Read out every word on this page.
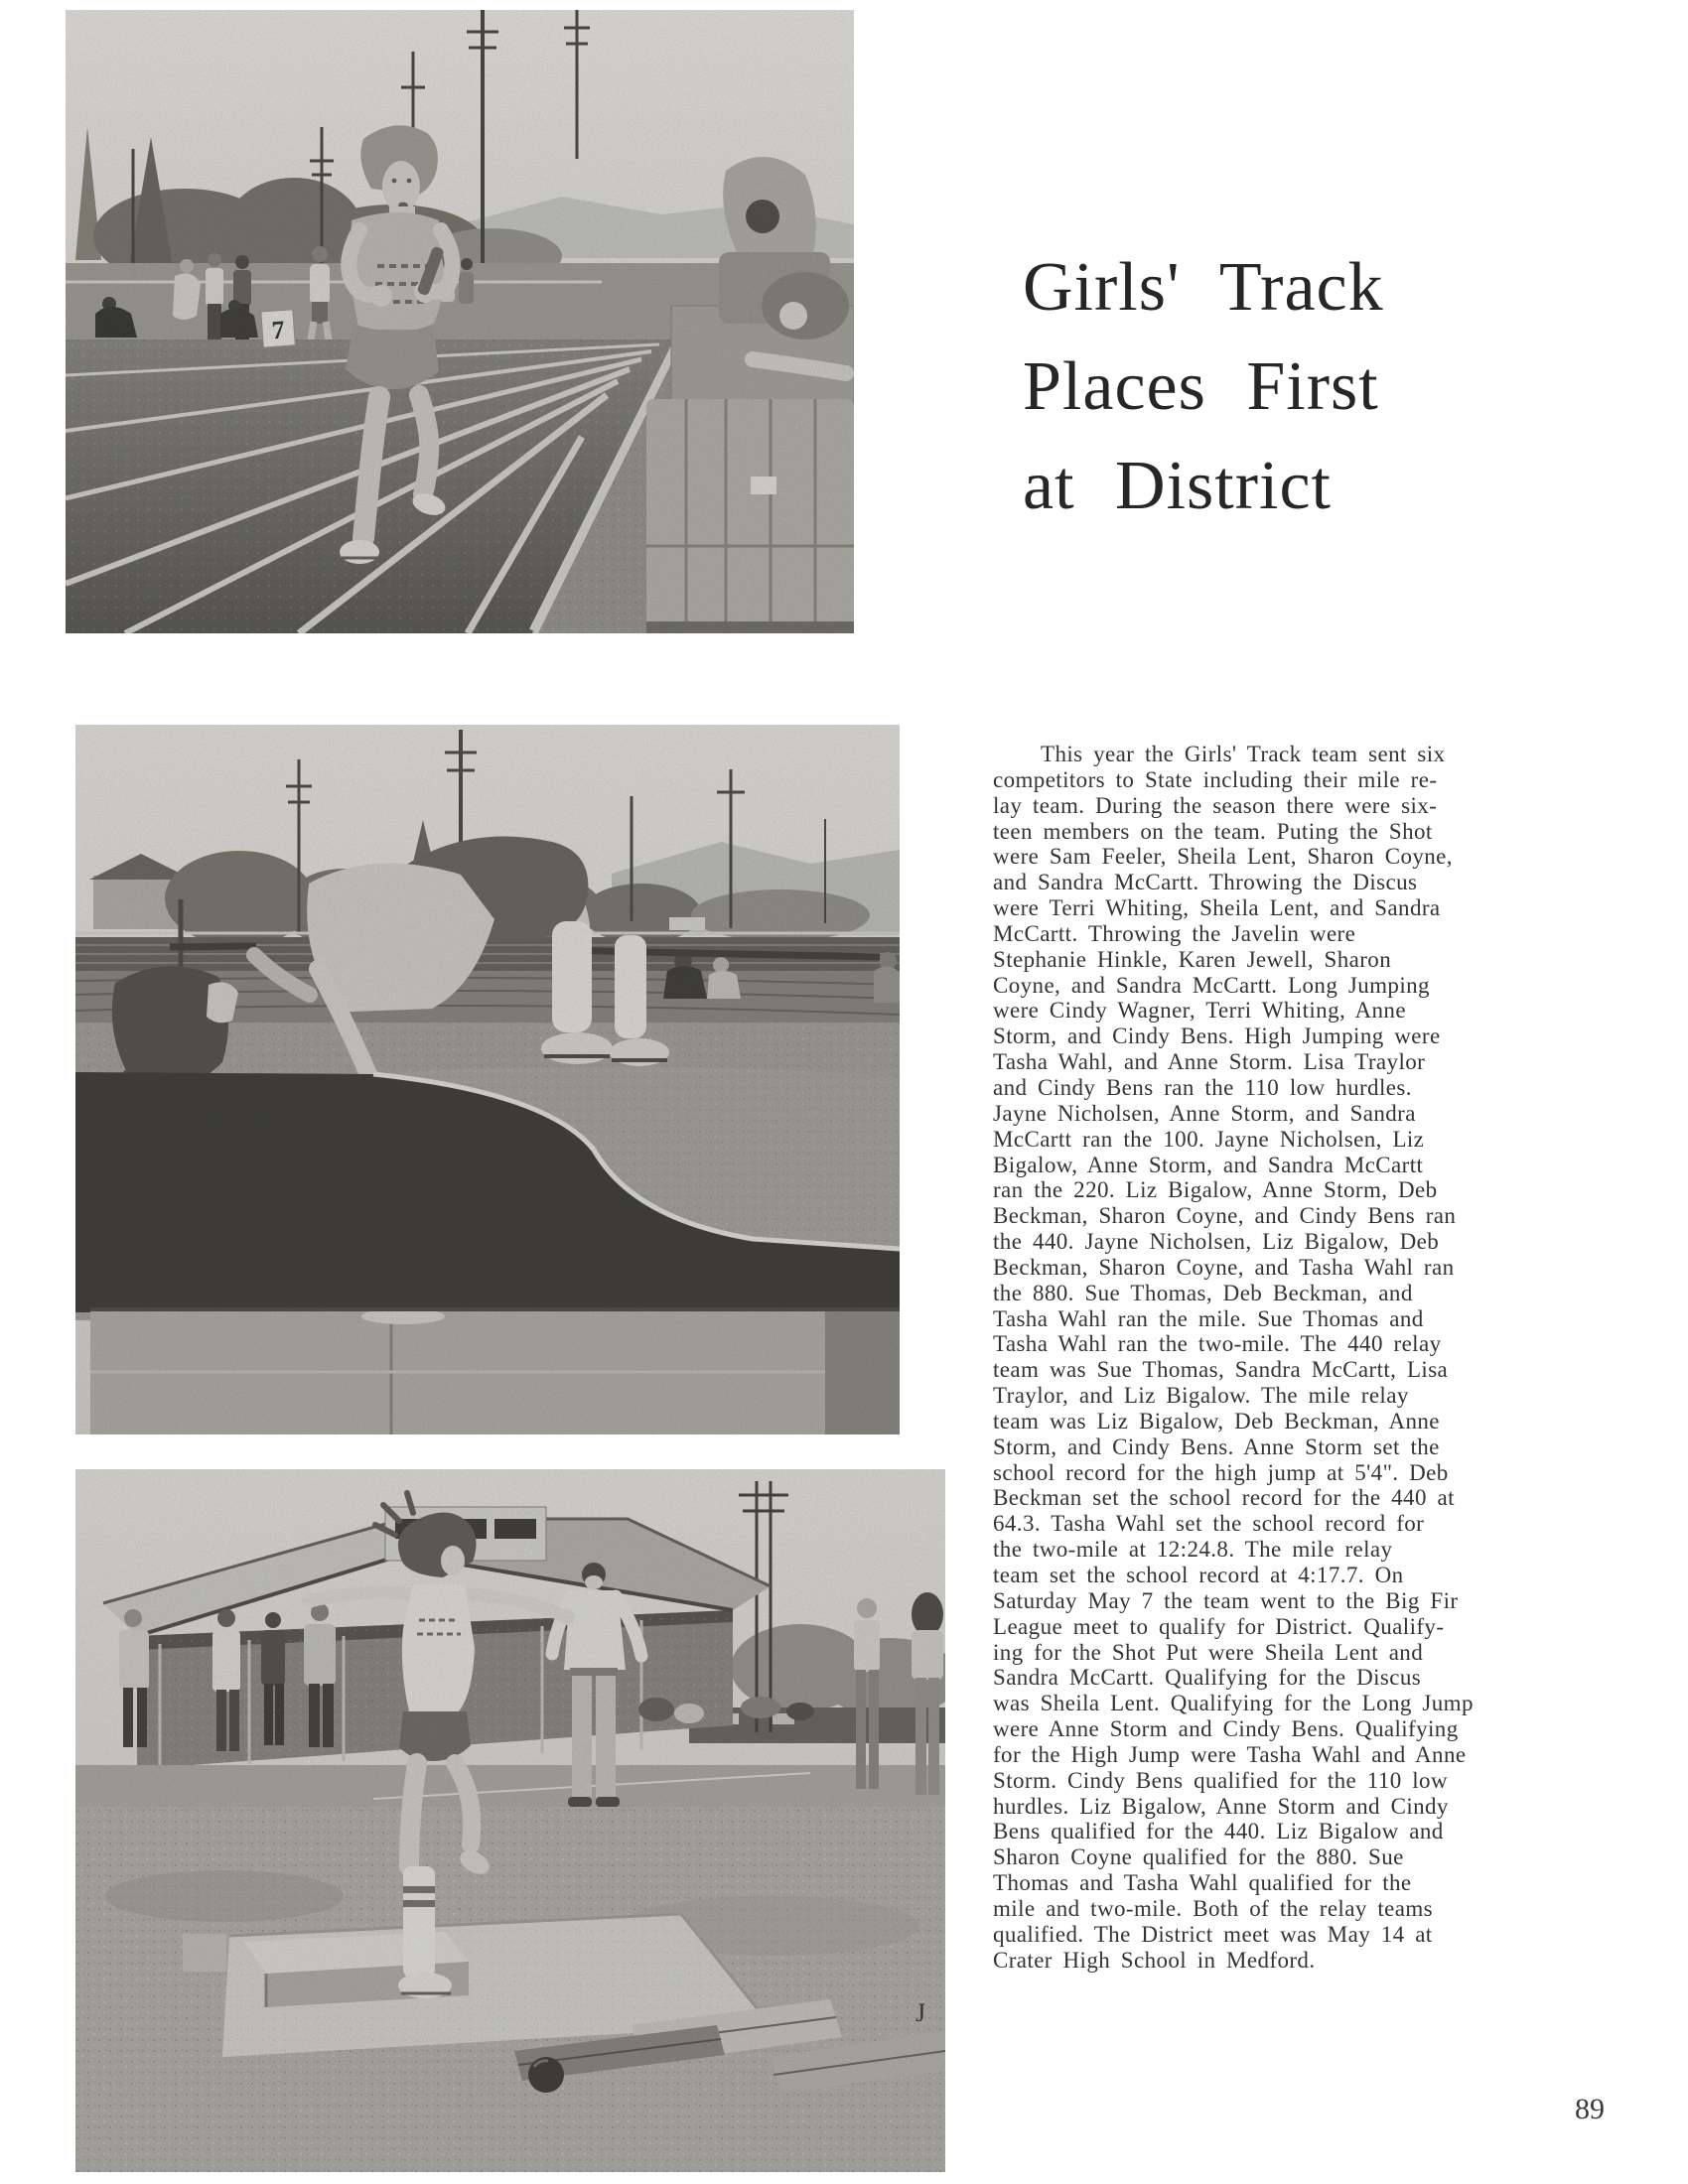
7
Girls' Track
Places First
at District
This year the Girls' Track team sent six
competitors to State including their mile re-
lay team. During the season there were six-
teen members on the team. Puting the Shot
were Sam Feeler, Sheila Lent, Sharon Coyne,
and Sandra McCartt. Throwing the Discus
were Terri Whiting, Sheila Lent, and Sandra
McCartt. Throwing the Javelin were
Stephanie Hinkle, Karen Jewell, Sharon
Coyne, and Sandra McCartt. Long Jumping
were Cindy Wagner, Terri Whiting, Anne
Storm, and Cindy Bens. High Jumping were
Tasha Wahl, and Anne Storm. Lisa Traylor
and Cindy Bens ran the 110 low hurdles.
Jayne Nicholsen, Anne Storm, and Sandra
McCartt ran the 100. Jayne Nicholsen, Liz
Bigalow, Anne Storm, and Sandra McCartt
ran the 220. Liz Bigalow, Anne Storm, Deb
Beckman, Sharon Coyne, and Cindy Bens ran
the 440. Jayne Nicholsen, Liz Bigalow, Deb
Beckman, Sharon Coyne, and Tasha Wahl ran
the 880. Sue Thomas, Deb Beckman, and
Tasha Wahl ran the mile. Sue Thomas and
Tasha Wahl ran the two-mile. The 440 relay
team was Sue Thomas, Sandra McCartt, Lisa
Traylor, and Liz Bigalow. The mile relay
team was Liz Bigalow, Deb Beckman, Anne
Storm, and Cindy Bens. Anne Storm set the
school record for the high jump at 5'4". Deb
Beckman set the school record for the 440 at
64.3. Tasha Wahl set the school record for
the two-mile at 12:24.8. The mile relay
team set the school record at 4:17.7. On
Saturday May 7 the team went to the Big Fir
League meet to qualify for District. Qualify-
ing for the Shot Put were Sheila Lent and
Sandra McCartt. Qualifying for the Discus
was Sheila Lent. Qualifying for the Long Jump
were Anne Storm and Cindy Bens. Qualifying
for the High Jump were Tasha Wahl and Anne
Storm. Cindy Bens qualified for the 110 low
hurdles. Liz Bigalow, Anne Storm and Cindy
Bens qualified for the 440. Liz Bigalow and
Sharon Coyne qualified for the 880. Sue
Thomas and Tasha Wahl qualified for the
mile and two-mile. Both of the relay teams
qualified. The District meet was May 14 at
Crater High School in Medford.
J
89
